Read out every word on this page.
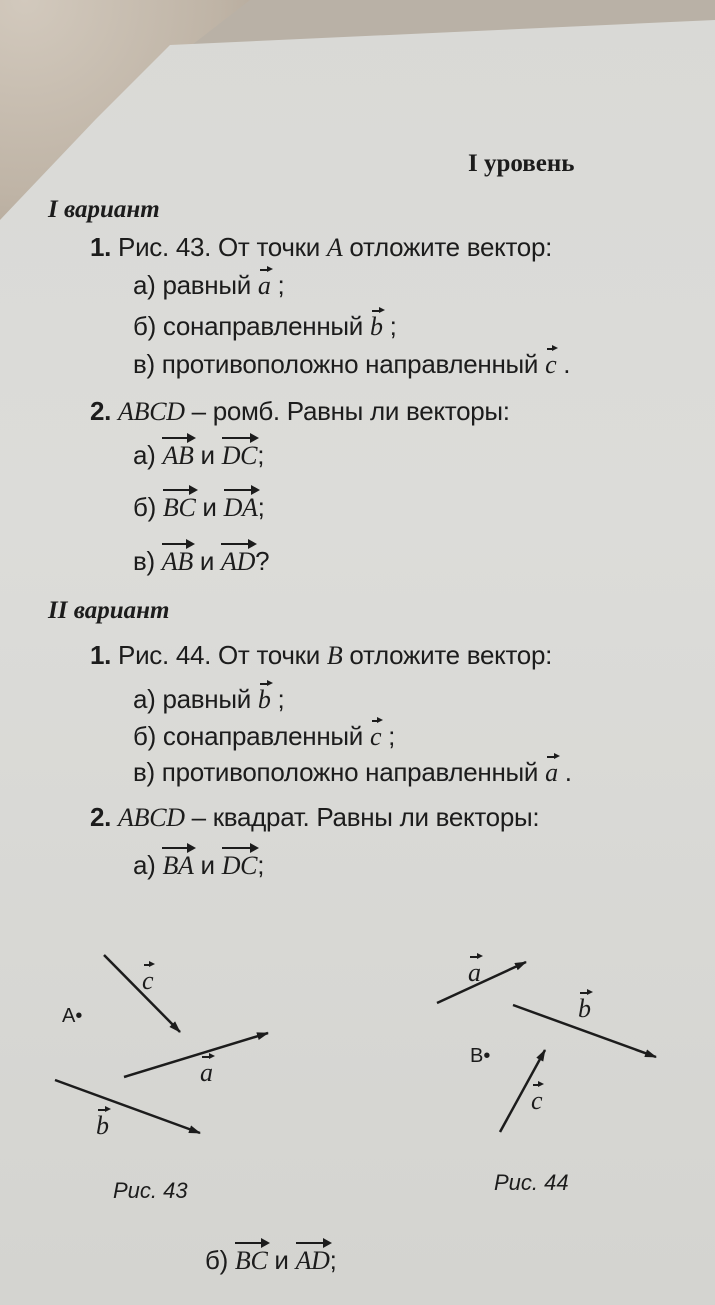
I уровень
I вариант
1. Рис. 43. От точки A отложите вектор:
а) равный a ;
б) сонаправленный b ;
в) противоположно направленный c .
2. ABCD – ромб. Равны ли векторы:
а) AB и DC;
б) BC и DA;
в) AB и AD?
II вариант
1. Рис. 44. От точки B отложите вектор:
а) равный b ;
б) сонаправленный c ;
в) противоположно направленный a .
2. ABCD – квадрат. Равны ли векторы:
а) BA и DC;
б) BC и AD;
A•
c
a
b
Рис. 43
B•
a
b
c
Рис. 44
